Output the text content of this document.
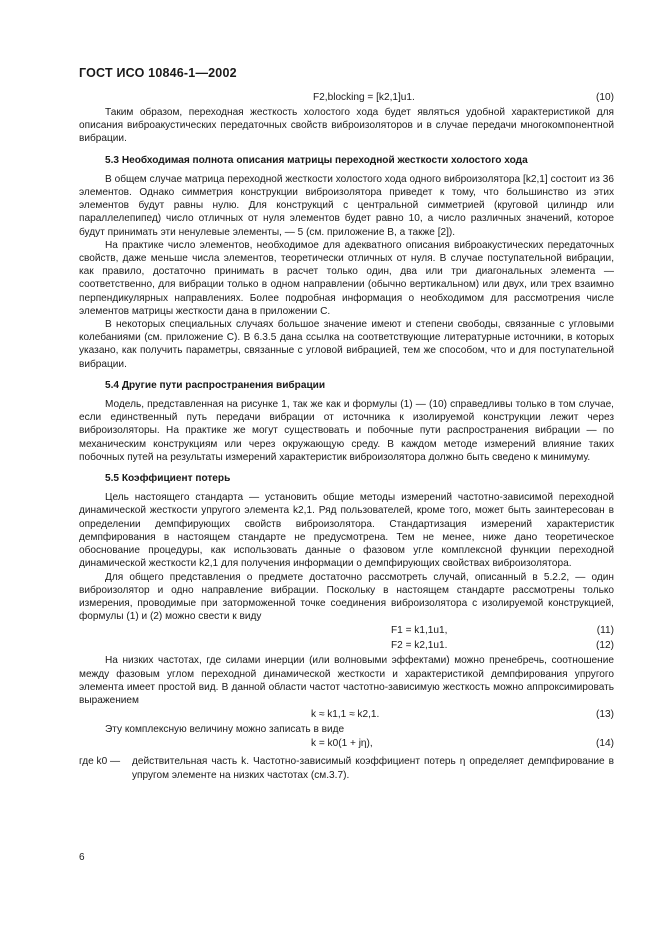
ГОСТ ИСО 10846-1—2002
F2,blocking = [k2,1]u1.	(10)

Таким образом, переходная жесткость холостого хода будет являться удобной характеристикой для описания виброакустических передаточных свойств виброизоляторов и в случае передачи многокомпонентной вибрации.

5.3 Необходимая полнота описания матрицы переходной жесткости холостого хода

В общем случае матрица переходной жесткости холостого хода одного виброизолятора [k2,1] состоит из 36 элементов. Однако симметрия конструкции виброизолятора приведет к тому, что большинство из этих элементов будут равны нулю. Для конструкций с центральной симметрией (круговой цилиндр или параллелепипед) число отличных от нуля элементов будет равно 10, а число различных значений, которое будут принимать эти ненулевые элементы, — 5 (см. приложение В, а также [2]).

На практике число элементов, необходимое для адекватного описания виброакустических передаточных свойств, даже меньше числа элементов, теоретически отличных от нуля. В случае поступательной вибрации, как правило, достаточно принимать в расчет только один, два или три диагональных элемента — соответственно, для вибрации только в одном направлении (обычно вертикальном) или двух, или трех взаимно перпендикулярных направлениях. Более подробная информация о необходимом для рассмотрения числе элементов матрицы жесткости дана в приложении С.

В некоторых специальных случаях большое значение имеют и степени свободы, связанные с угловыми колебаниями (см. приложение С). В 6.3.5 дана ссылка на соответствующие литературные источники, в которых указано, как получить параметры, связанные с угловой вибрацией, тем же способом, что и для поступательной вибрации.

5.4 Другие пути распространения вибрации

Модель, представленная на рисунке 1, так же как и формулы (1) — (10) справедливы только в том случае, если единственный путь передачи вибрации от источника к изолируемой конструкции лежит через виброизоляторы. На практике же могут существовать и побочные пути распространения вибрации — по механическим конструкциям или через окружающую среду. В каждом методе измерений влияние таких побочных путей на результаты измерений характеристик виброизолятора должно быть сведено к минимуму.

5.5 Коэффициент потерь

Цель настоящего стандарта — установить общие методы измерений частотно-зависимой переходной динамической жесткости упругого элемента k2,1. Ряд пользователей, кроме того, может быть заинтересован в определении демпфирующих свойств виброизолятора. Стандартизация измерений характеристик демпфирования в настоящем стандарте не предусмотрена. Тем не менее, ниже дано теоретическое обоснование процедуры, как использовать данные о фазовом угле комплексной функции переходной динамической жесткости k2,1 для получения информации о демпфирующих свойствах виброизолятора.

Для общего представления о предмете достаточно рассмотреть случай, описанный в 5.2.2, — один виброизолятор и одно направление вибрации. Поскольку в настоящем стандарте рассмотрены только измерения, проводимые при заторможенной точке соединения виброизолятора с изолируемой конструкцией, формулы (1) и (2) можно свести к виду

F1 = k1,1u1,	(11)
F2 = k2,1u1.	(12)

На низких частотах, где силами инерции (или волновыми эффектами) можно пренебречь, соотношение между фазовым углом переходной динамической жесткости и характеристикой демпфирования упругого элемента имеет простой вид. В данной области частот частотно-зависимую жесткость можно аппроксимировать выражением

k ≈ k1,1 ≈ k2,1.	(13)

Эту комплексную величину можно записать в виде

k = k0(1 + jη),	(14)
где k0 — действительная часть k. Частотно-зависимый коэффициент потерь η определяет демпфирование в упругом элементе на низких частотах (см.3.7).
6
